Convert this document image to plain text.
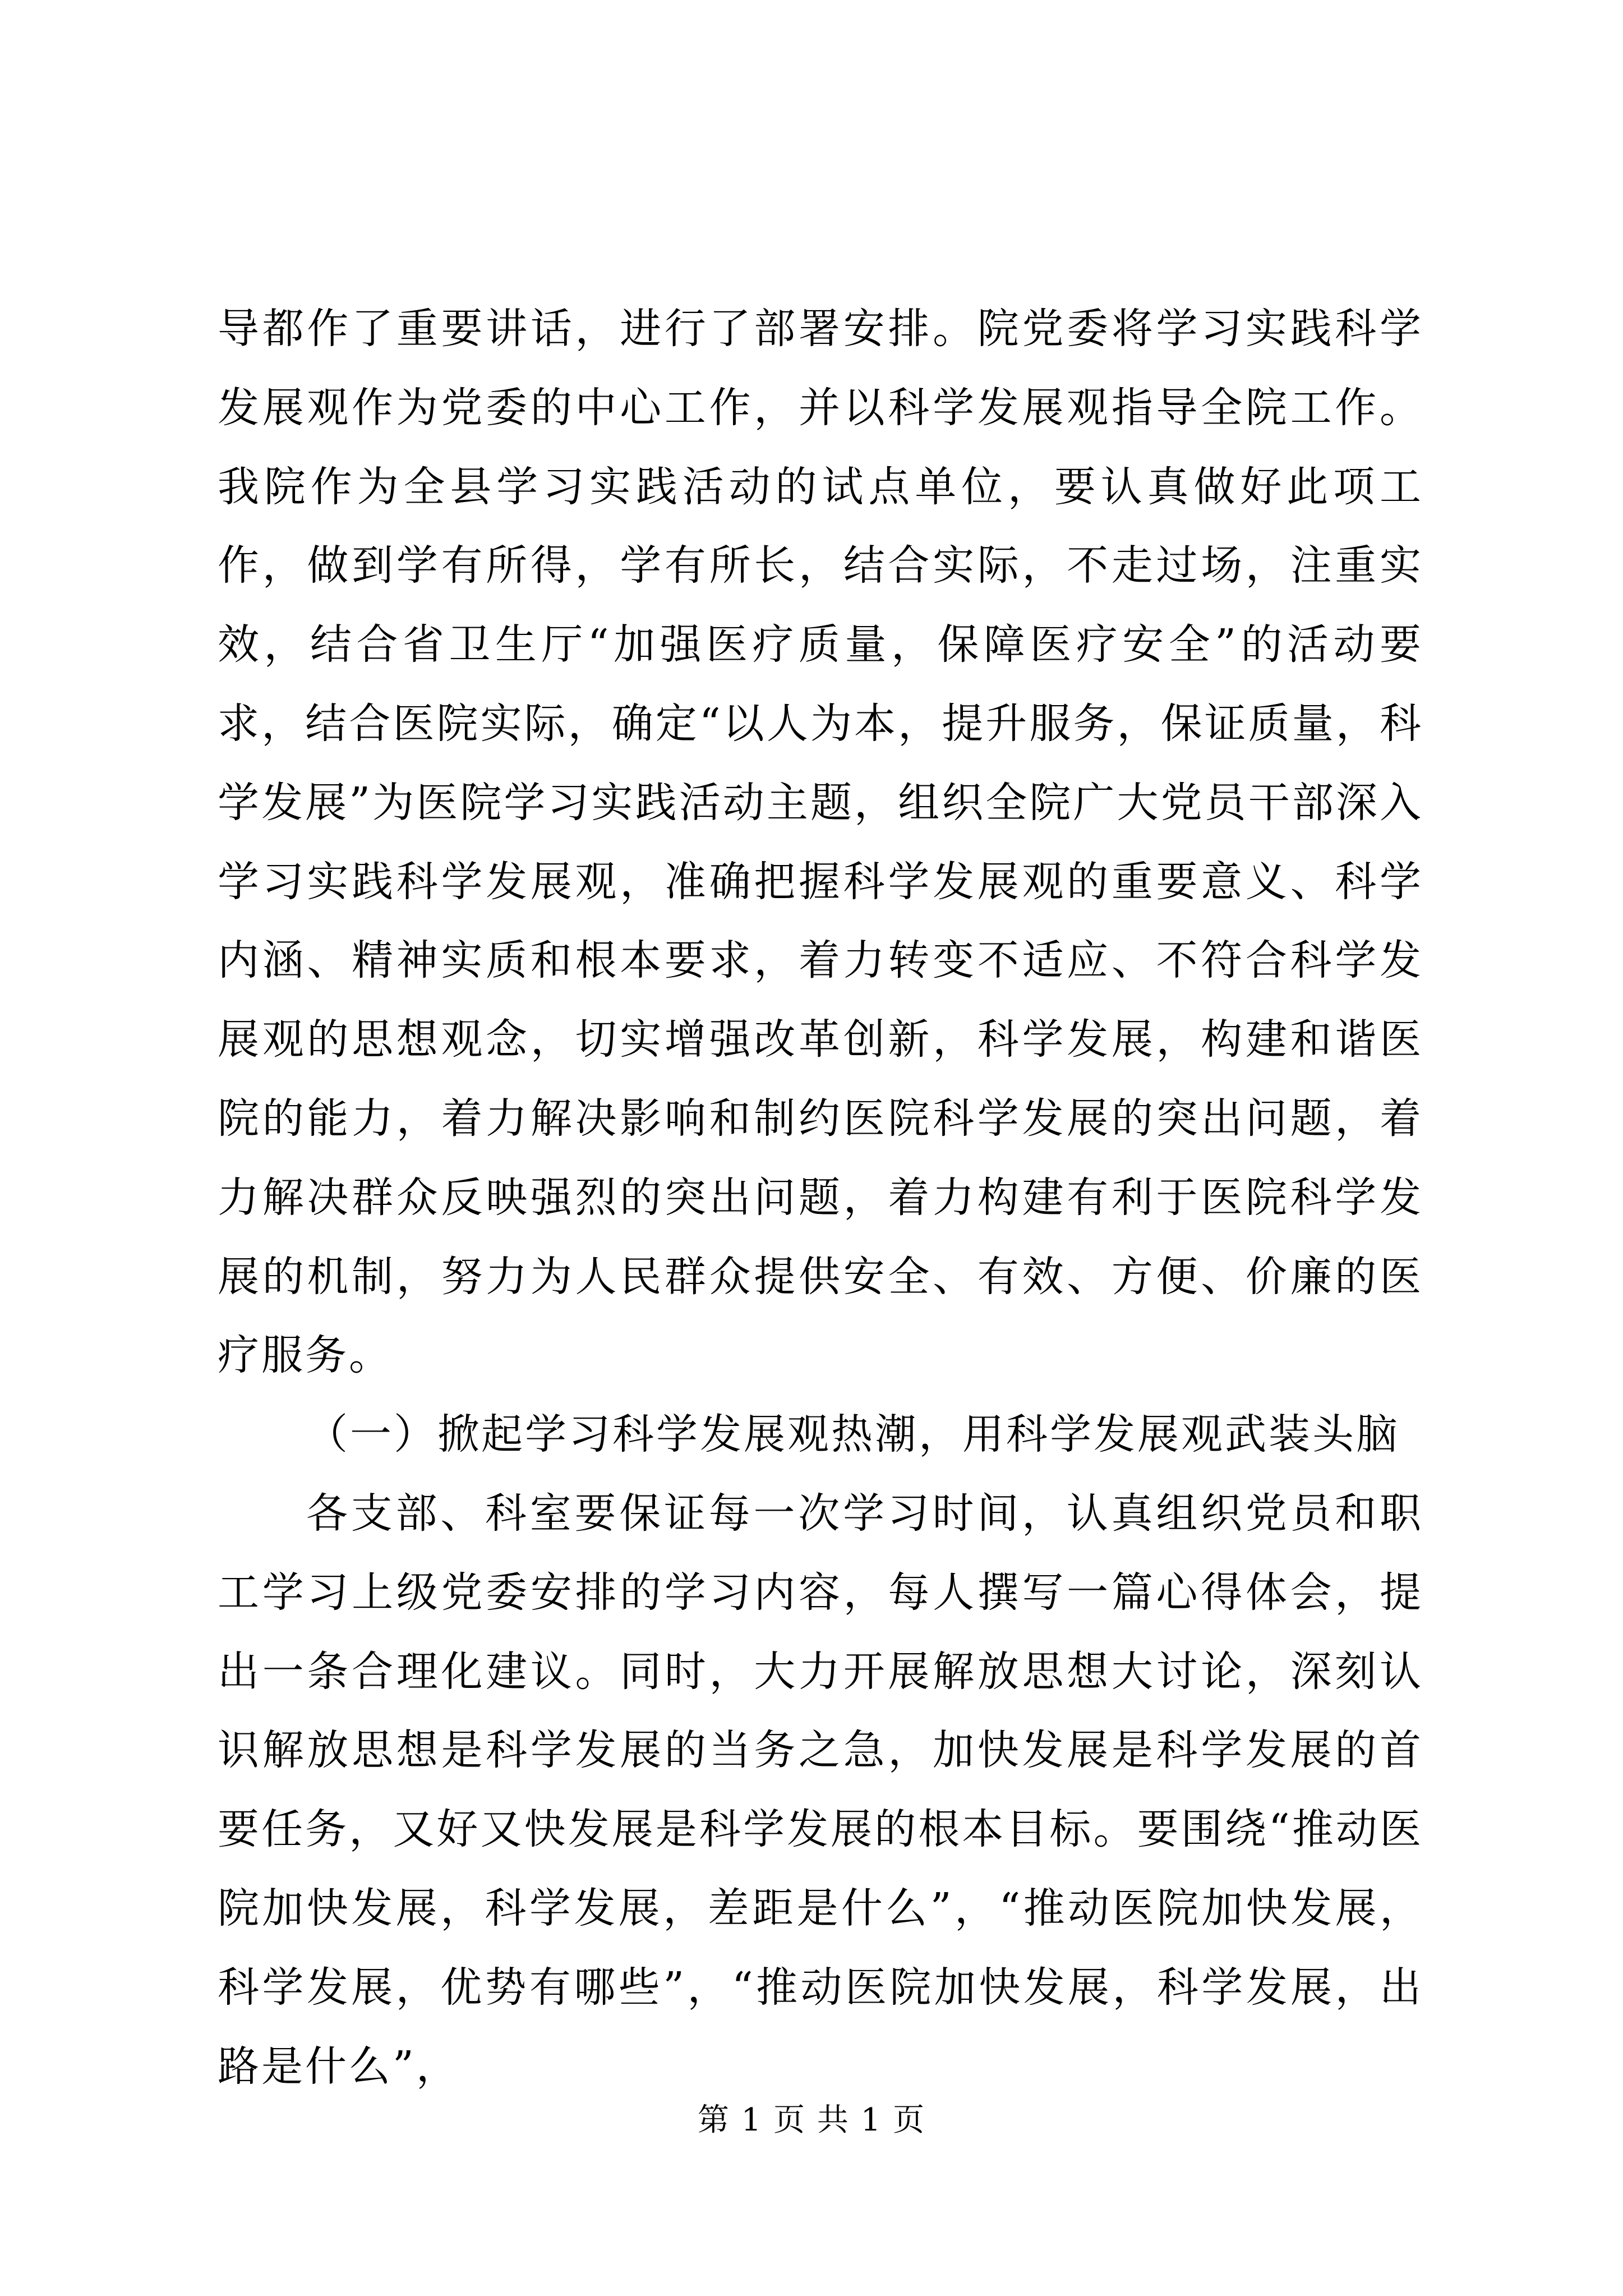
导都作了重要讲话，进行了部署安排。院党委将学习实践科学发展观作为党委的中心工作，并以科学发展观指导全院工作。我院作为全县学习实践活动的试点单位，要认真做好此项工作，做到学有所得，学有所长，结合实际，不走过场，注重实效，结合省卫生厅“加强医疗质量，保障医疗安全”的活动要求，结合医院实际，确定“以人为本，提升服务，保证质量，科学发展”为医院学习实践活动主题，组织全院广大党员干部深入学习实践科学发展观，准确把握科学发展观的重要意义、科学内涵、精神实质和根本要求，着力转变不适应、不符合科学发展观的思想观念，切实增强改革创新，科学发展，构建和谐医院的能力，着力解决影响和制约医院科学发展的突出问题，着力解决群众反映强烈的突出问题，着力构建有利于医院科学发展的机制，努力为人民群众提供安全、有效、方便、价廉的医疗服务。

（一）掀起学习科学发展观热潮，用科学发展观武装头脑

各支部、科室要保证每一次学习时间，认真组织党员和职工学习上级党委安排的学习内容，每人撰写一篇心得体会，提出一条合理化建议。同时，大力开展解放思想大讨论，深刻认识解放思想是科学发展的当务之急，加快发展是科学发展的首要任务，又好又快发展是科学发展的根本目标。要围绕“推动医院加快发展，科学发展，差距是什么”，“推动医院加快发展，科学发展，优势有哪些”，“推动医院加快发展，科学发展，出路是什么”，

第 1 页 共 1 页
